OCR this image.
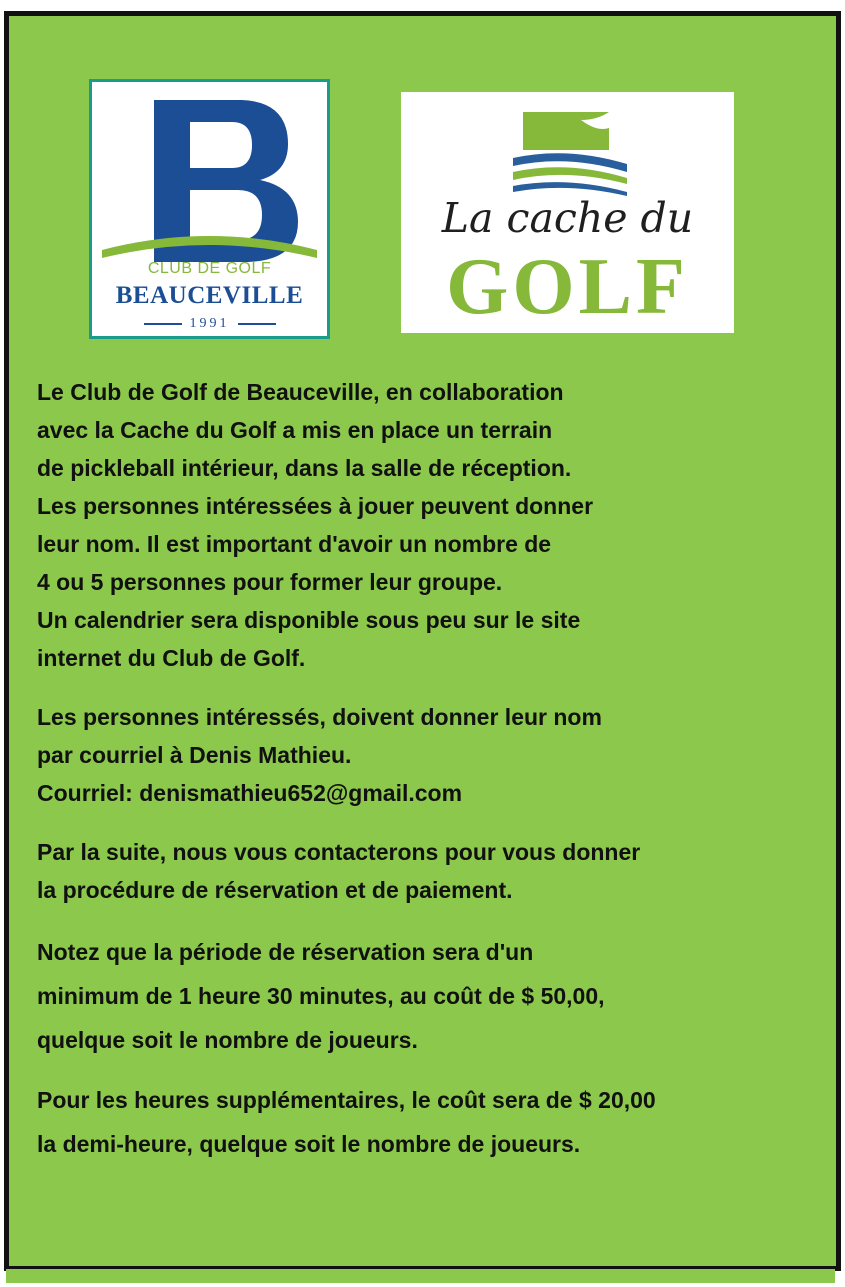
CLUB DE GOLF
BEAUCEVILLE
1991
La cache du
GOLF
Le Club de Golf de Beauceville, en collaboration
avec la Cache du Golf a mis en place un terrain
de pickleball intérieur, dans la salle de réception.
Les personnes intéressées à jouer peuvent donner
leur nom. Il est important d'avoir un nombre de
4 ou 5 personnes pour former leur groupe.
Un calendrier sera disponible sous peu sur le site
internet du Club de Golf.
Les personnes intéressés, doivent donner leur nom
par courriel à Denis Mathieu.
Courriel: denismathieu652@gmail.com
Par la suite, nous vous contacterons pour vous donner
la procédure de réservation et de paiement.
Notez que la période de réservation sera d'un
minimum de 1 heure 30 minutes, au coût de $ 50,00,
quelque soit le nombre de joueurs.
Pour les heures supplémentaires, le coût sera de $ 20,00
la demi-heure, quelque soit le nombre de joueurs.
